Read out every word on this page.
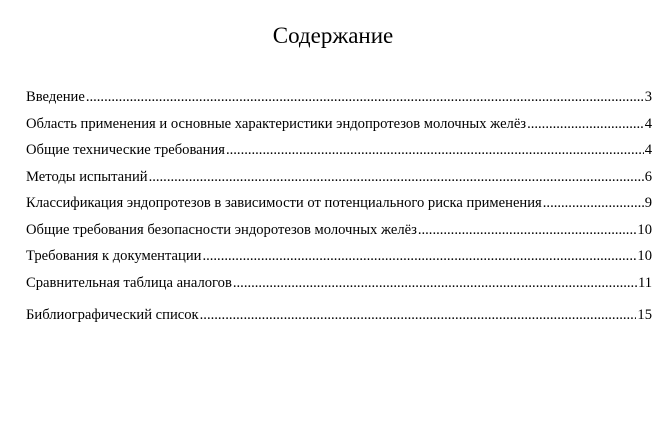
Содержание
Введение .....	3
Область применения и основные характеристики эндопротезов молочных желёз .....	4
Общие технические требования .....	4
Методы испытаний .....	6
Классификация эндопротезов в зависимости от потенциального риска применения .....	9
Общие требования безопасности эндоротезов молочных желёз .....	10
Требования к документации .....	10
Сравнительная таблица аналогов .....	11
Библиографический список .....	15
